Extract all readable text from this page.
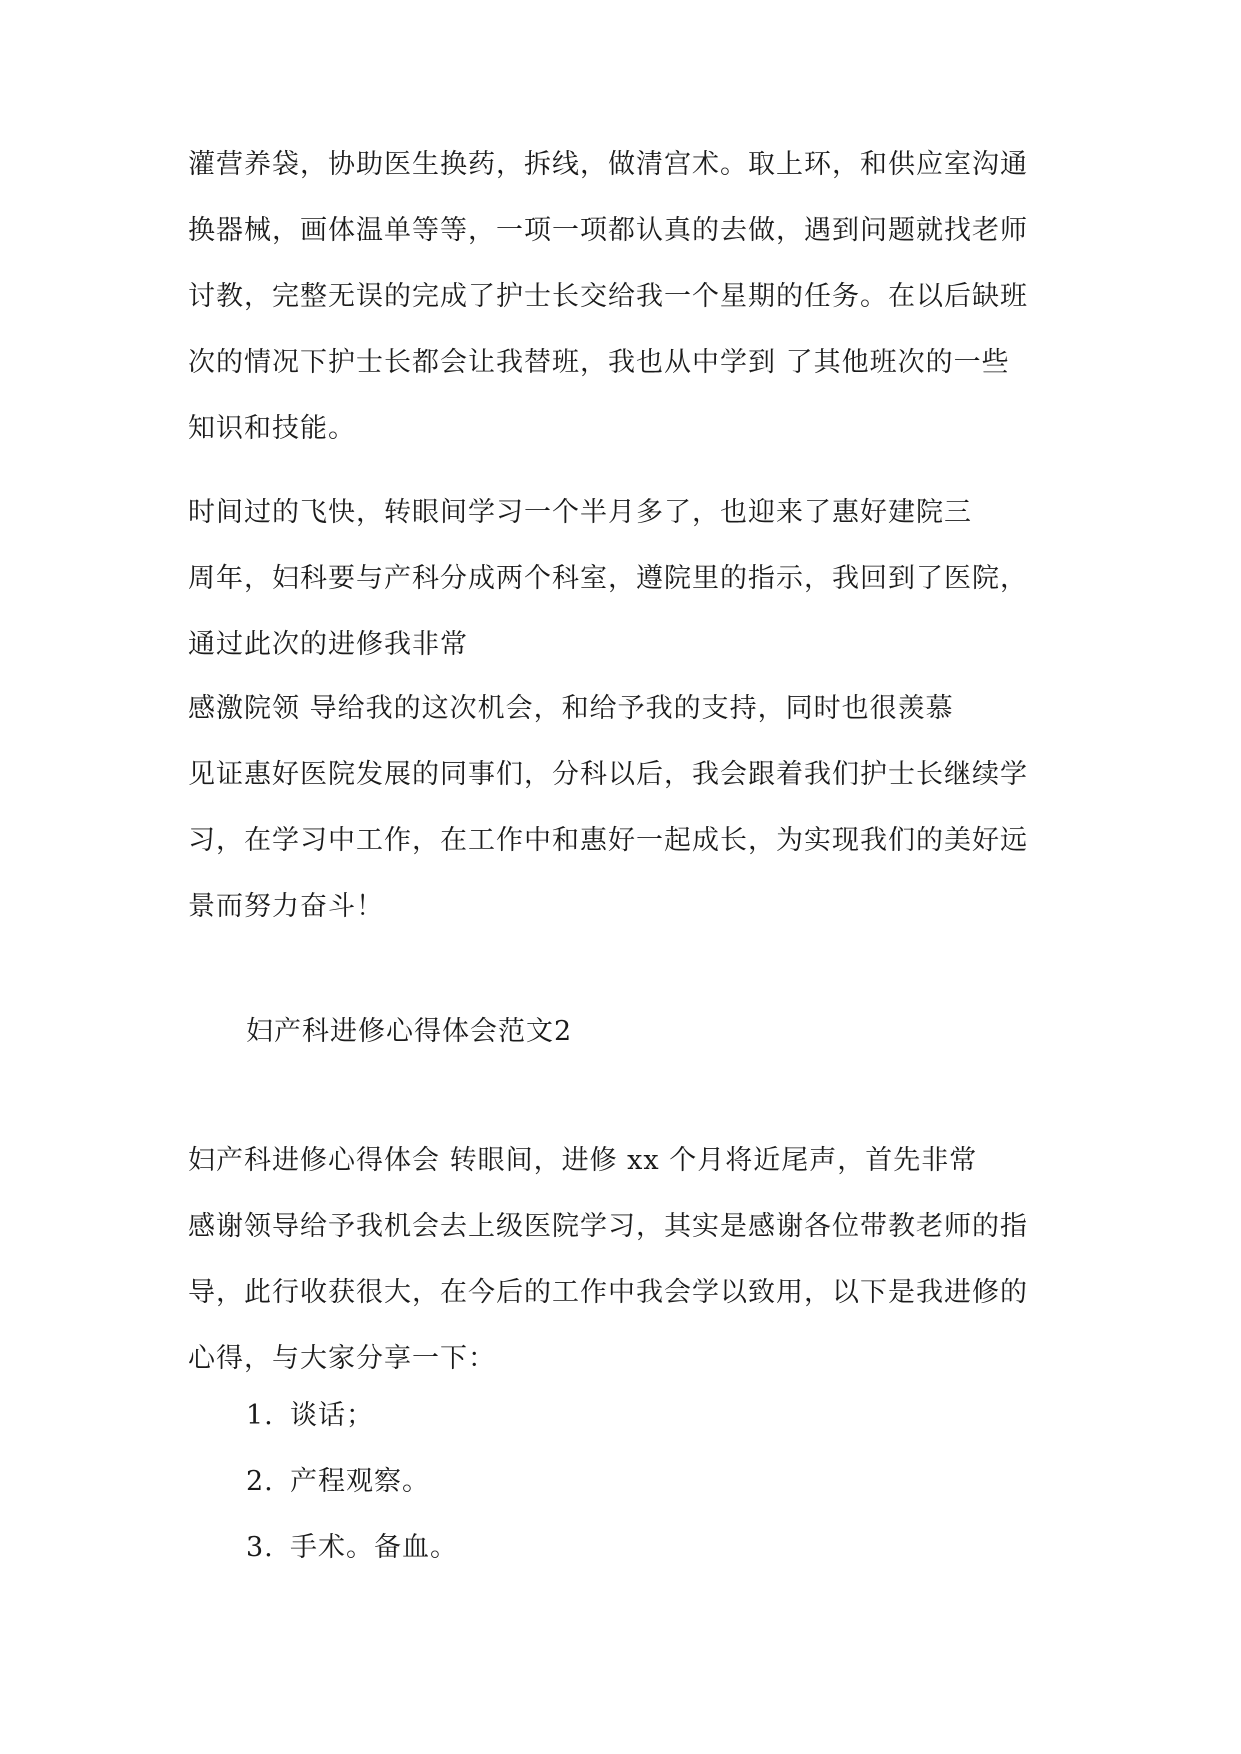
灌营养袋，协助医生换药，拆线，做清宫术。取上环，和供应室沟通
换器械，画体温单等等，一项一项都认真的去做，遇到问题就找老师
讨教，完整无误的完成了护士长交给我一个星期的任务。在以后缺班
次的情况下护士长都会让我替班，我也从中学到 了其他班次的一些
知识和技能。
时间过的飞快，转眼间学习一个半月多了，也迎来了惠好建院三
周年，妇科要与产科分成两个科室，遵院里的指示，我回到了医院，
通过此次的进修我非常
感激院领 导给我的这次机会，和给予我的支持，同时也很羡慕
见证惠好医院发展的同事们，分科以后，我会跟着我们护士长继续学
习，在学习中工作，在工作中和惠好一起成长，为实现我们的美好远
景而努力奋斗！
妇产科进修心得体会范文2
妇产科进修心得体会 转眼间，进修 xx 个月将近尾声，首先非常
感谢领导给予我机会去上级医院学习，其实是感谢各位带教老师的指
导，此行收获很大，在今后的工作中我会学以致用，以下是我进修的
心得，与大家分享一下：
1. 谈话；
2. 产程观察。
3. 手术。备血。
